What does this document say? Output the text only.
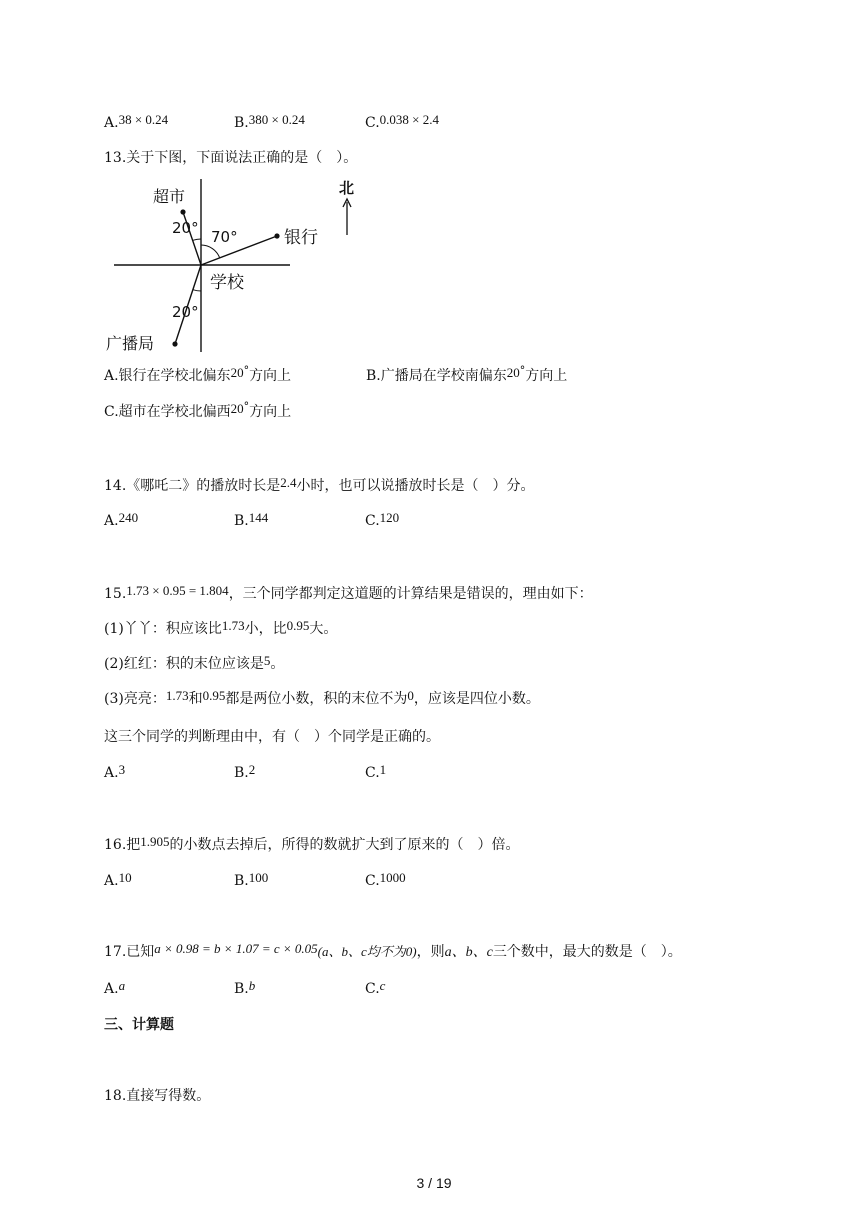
A.38 × 0.24	B.380 × 0.24	C.0.038 × 2.4
13.关于下图，下面说法正确的是（　）。
超市
银行
学校
广播局
20° 70°
20°
北
A.银行在学校北偏东20°方向上	B.广播局在学校南偏东20°方向上
C.超市在学校北偏西20°方向上
14.《哪吒二》的播放时长是2.4小时，也可以说播放时长是（　）分。
A.240	B.144	C.120
15.1.73 × 0.95 = 1.804，三个同学都判定这道题的计算结果是错误的，理由如下：
(1)丫丫：积应该比1.73小，比0.95大。
(2)红红：积的末位应该是5。
(3)亮亮：1.73和0.95都是两位小数，积的末位不为0，应该是四位小数。
这三个同学的判断理由中，有（　）个同学是正确的。
A.3	B.2	C.1
16.把1.905的小数点去掉后，所得的数就扩大到了原来的（　）倍。
A.10	B.100	C.1000
17.已知a × 0.98 = b × 1.07 = c × 0.05(a、b、c均不为0)，则a、b、c三个数中，最大的数是（　）。
A.a	B.b	C.c
三、计算题
18.直接写得数。
3 / 19
